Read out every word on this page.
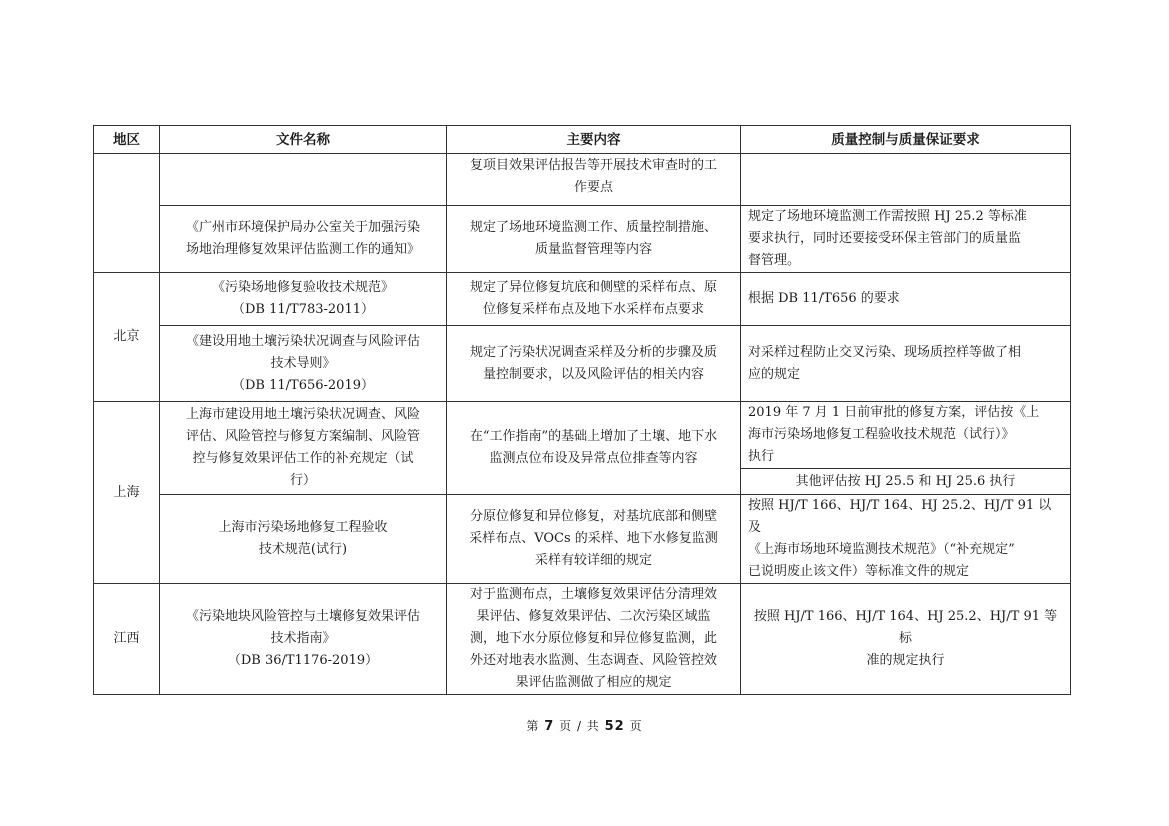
地区	文件名称	主要内容	质量控制与质量保证要求

		复项目效果评估报告等开展技术审查时的工
作要点	

	《广州市环境保护局办公室关于加强污染
场地治理修复效果评估监测工作的通知》	规定了场地环境监测工作、质量控制措施、
质量监督管理等内容	规定了场地环境监测工作需按照 HJ 25.2 等标准
要求执行，同时还要接受环保主管部门的质量监
督管理。

北京	《污染场地修复验收技术规范》
（DB 11/T783-2011）	规定了异位修复坑底和侧壁的采样布点、原
位修复采样布点及地下水采样布点要求	根据 DB 11/T656 的要求

	《建设用地土壤污染状况调查与风险评估
技术导则》
（DB 11/T656-2019）	规定了污染状况调查采样及分析的步骤及质
量控制要求，以及风险评估的相关内容	对采样过程防止交叉污染、现场质控样等做了相
应的规定

上海	上海市建设用地土壤污染状况调查、风险
评估、风险管控与修复方案编制、风险管
控与修复效果评估工作的补充规定（试
行）	在“工作指南”的基础上增加了土壤、地下水
监测点位布设及异常点位排查等内容	2019 年 7 月 1 日前审批的修复方案，评估按《上
海市污染场地修复工程验收技术规范（试行）》
执行

			其他评估按 HJ 25.5 和 HJ 25.6 执行

	上海市污染场地修复工程验收
技术规范(试行)	分原位修复和异位修复，对基坑底部和侧壁
采样布点、VOCs 的采样、地下水修复监测
采样有较详细的规定	按照 HJ/T 166、HJ/T 164、HJ 25.2、HJ/T 91 以及
《上海市场地环境监测技术规范》（“补充规定”
已说明废止该文件）等标准文件的规定

江西	《污染地块风险管控与土壤修复效果评估
技术指南》
（DB 36/T1176-2019）	对于监测布点，土壤修复效果评估分清理效
果评估、修复效果评估、二次污染区域监
测，地下水分原位修复和异位修复监测，此
外还对地表水监测、生态调查、风险管控效
果评估监测做了相应的规定	按照 HJ/T 166、HJ/T 164、HJ 25.2、HJ/T 91 等标
准的规定执行
第 7 页 / 共 52 页
